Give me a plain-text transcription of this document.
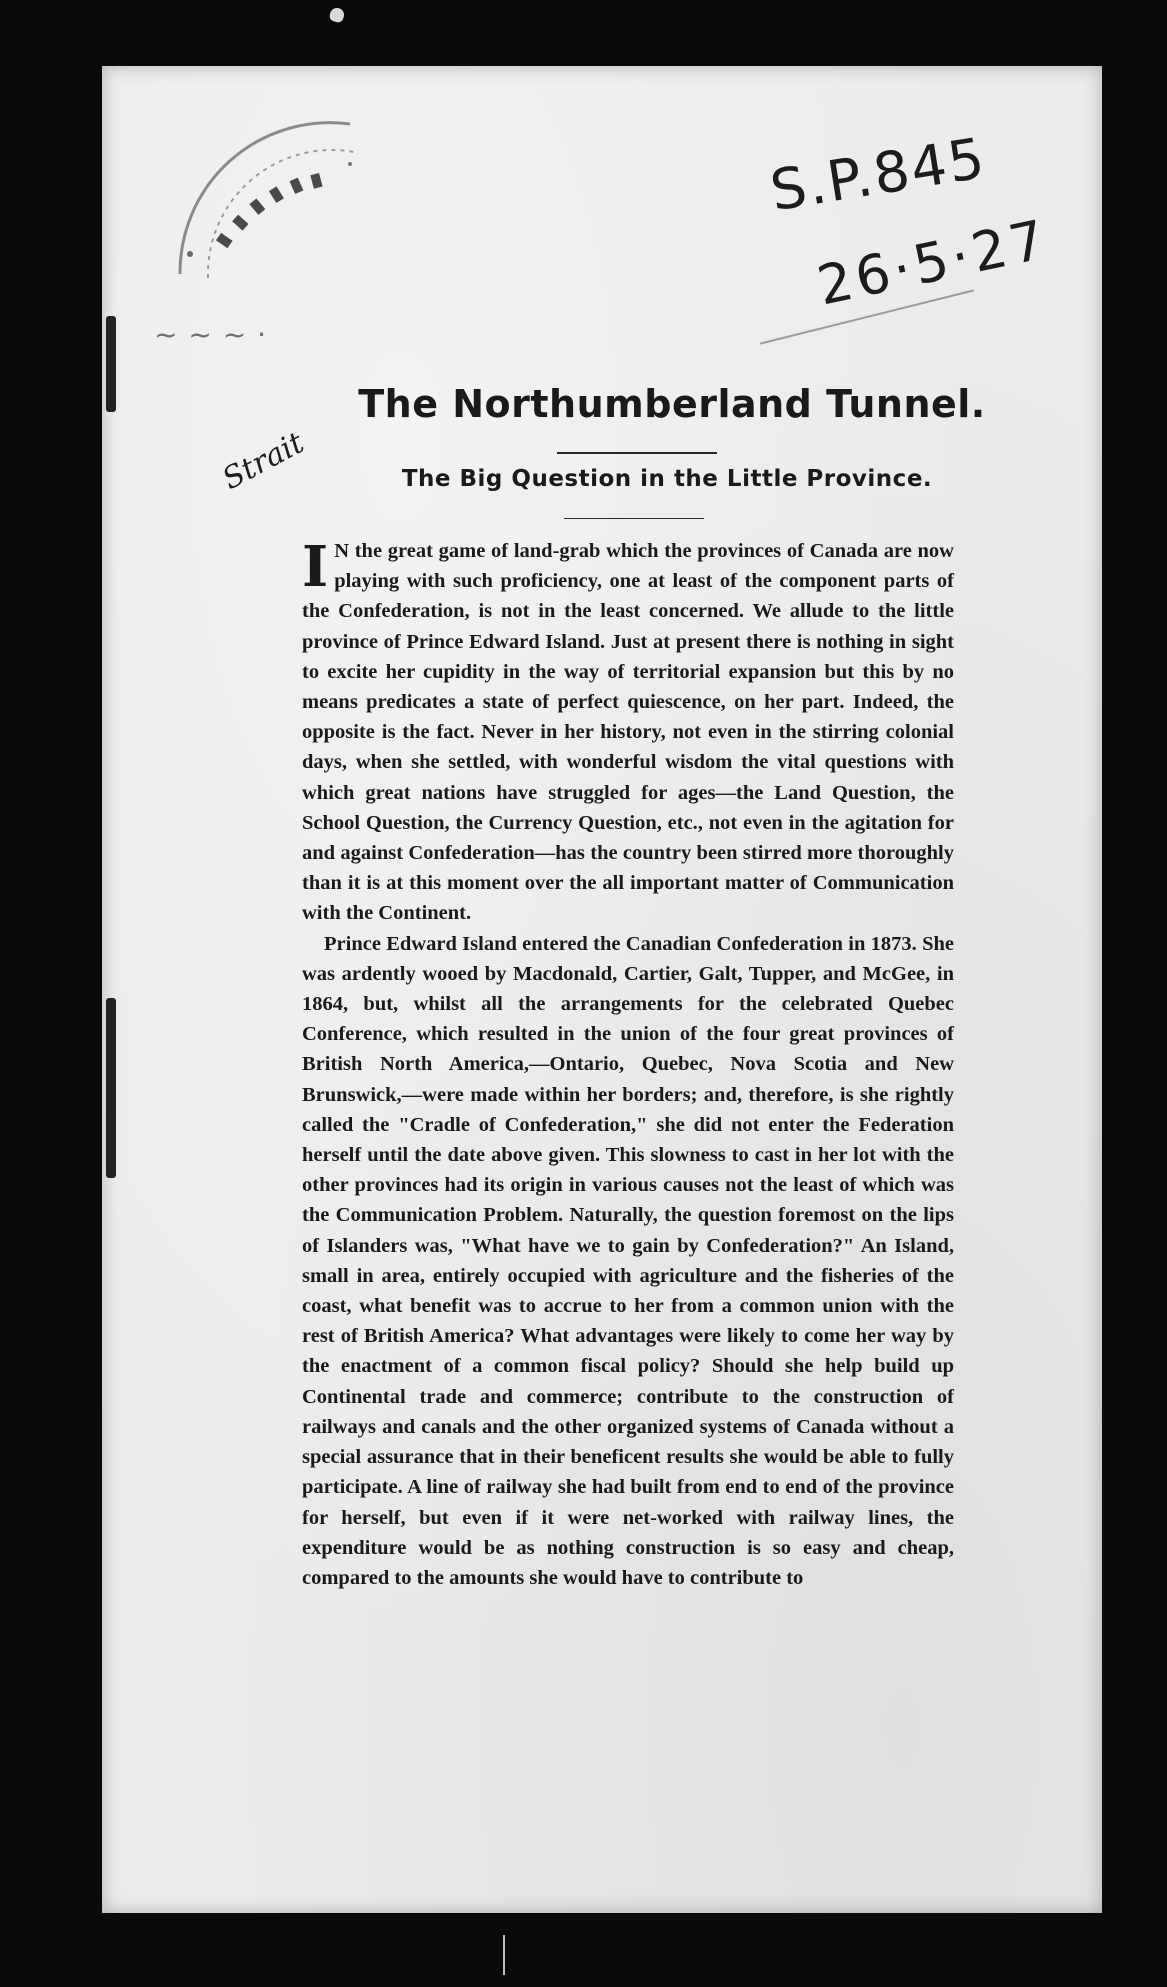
S.P.845
26·5·27
~ ~ ~ ·
The Northumberland Tunnel.
The Big Question in the Little Province.
Strait

I N the great game of land-grab which the provinces of Canada are now playing with such proficiency, one at least of the component parts of the Confederation, is not in the least concerned. We allude to the little province of Prince Edward Island. Just at present there is nothing in sight to excite her cupidity in the way of territorial expansion but this by no means predicates a state of perfect quiescence, on her part. Indeed, the opposite is the fact. Never in her history, not even in the stirring colonial days, when she settled, with wonderful wisdom the vital questions with which great nations have struggled for ages—the Land Question, the School Question, the Currency Question, etc., not even in the agitation for and against Confederation—has the country been stirred more thoroughly than it is at this moment over the all important matter of Communication with the Continent.

Prince Edward Island entered the Canadian Confederation in 1873. She was ardently wooed by Macdonald, Cartier, Galt, Tupper, and McGee, in 1864, but, whilst all the arrangements for the celebrated Quebec Conference, which resulted in the union of the four great provinces of British North America,—Ontario, Quebec, Nova Scotia and New Brunswick,—were made within her borders; and, therefore, is she rightly called the "Cradle of Confederation," she did not enter the Federation herself until the date above given. This slowness to cast in her lot with the other provinces had its origin in various causes not the least of which was the Communication Problem. Naturally, the question foremost on the lips of Islanders was, "What have we to gain by Confederation?" An Island, small in area, entirely occupied with agriculture and the fisheries of the coast, what benefit was to accrue to her from a common union with the rest of British America? What advantages were likely to come her way by the enactment of a common fiscal policy? Should she help build up Continental trade and commerce; contribute to the construction of railways and canals and the other organized systems of Canada without a special assurance that in their beneficent results she would be able to fully participate. A line of railway she had built from end to end of the province for herself, but even if it were net-worked with railway lines, the expenditure would be as nothing construction is so easy and cheap, compared to the amounts she would have to contribute to
